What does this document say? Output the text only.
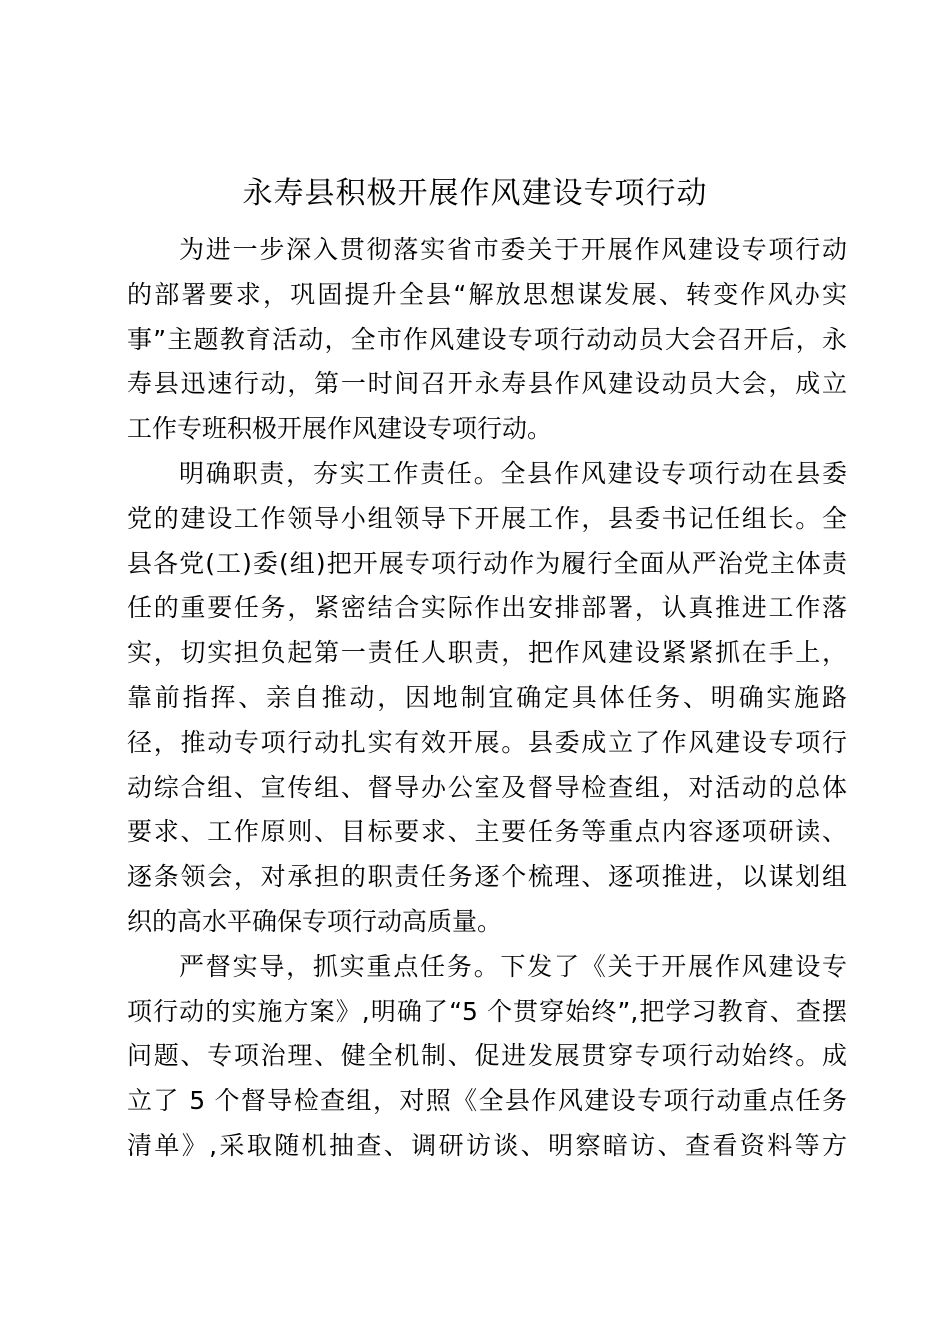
永寿县积极开展作风建设专项行动
为进一步深入贯彻落实省市委关于开展作风建设专项行动
的部署要求，巩固提升全县“解放思想谋发展、转变作风办实
事”主题教育活动，全市作风建设专项行动动员大会召开后，永
寿县迅速行动，第一时间召开永寿县作风建设动员大会，成立
工作专班积极开展作风建设专项行动。
明确职责，夯实工作责任。全县作风建设专项行动在县委
党的建设工作领导小组领导下开展工作，县委书记任组长。全
县各党(工)委(组)把开展专项行动作为履行全面从严治党主体责
任的重要任务，紧密结合实际作出安排部署，认真推进工作落
实，切实担负起第一责任人职责，把作风建设紧紧抓在手上，
靠前指挥、亲自推动，因地制宜确定具体任务、明确实施路
径，推动专项行动扎实有效开展。县委成立了作风建设专项行
动综合组、宣传组、督导办公室及督导检查组，对活动的总体
要求、工作原则、目标要求、主要任务等重点内容逐项研读、
逐条领会，对承担的职责任务逐个梳理、逐项推进，以谋划组
织的高水平确保专项行动高质量。
严督实导，抓实重点任务。下发了《关于开展作风建设专
项行动的实施方案》,明确了“5 个贯穿始终”,把学习教育、查摆
问题、专项治理、健全机制、促进发展贯穿专项行动始终。成
立了 5 个督导检查组，对照《全县作风建设专项行动重点任务
清单》,采取随机抽查、调研访谈、明察暗访、查看资料等方
